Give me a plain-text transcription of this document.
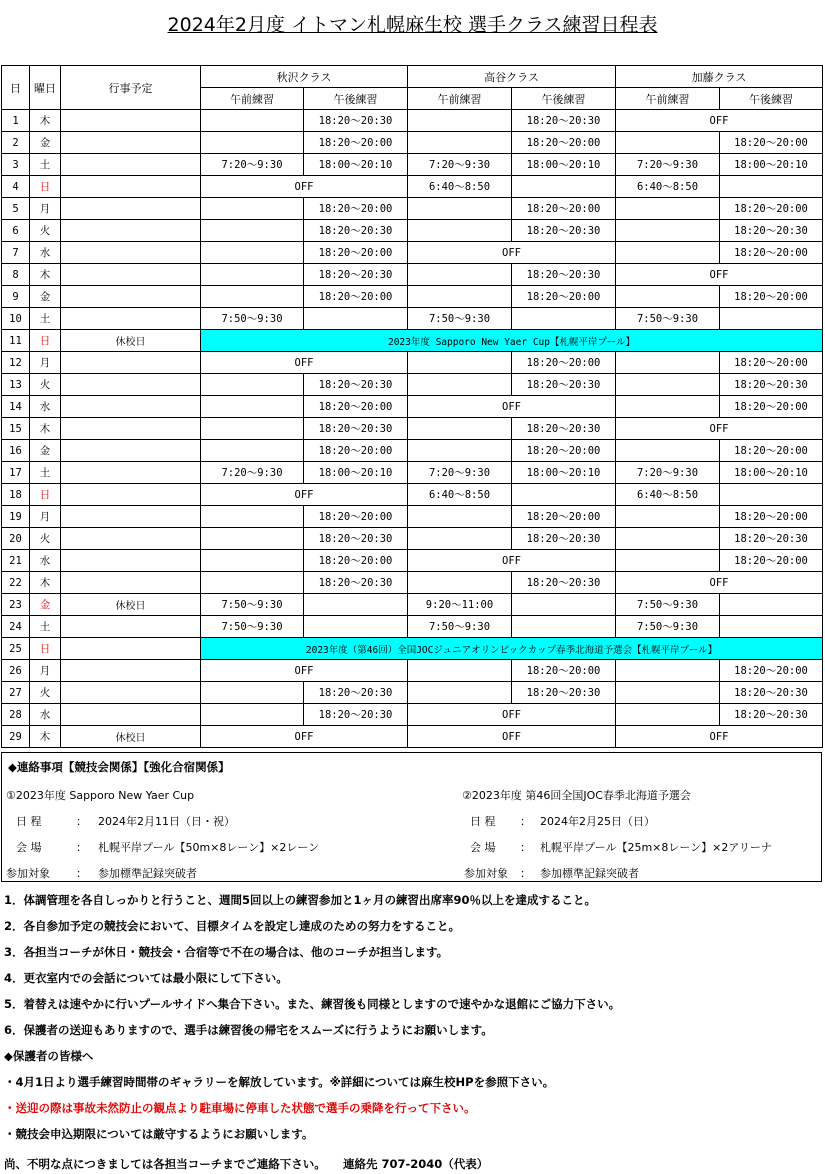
2024年2月度 イトマン札幌麻生校 選手クラス練習日程表
日	曜日	行事予定	秋沢クラス		高谷クラス		加藤クラス	
			午前練習	午後練習	午前練習	午後練習	午前練習	午後練習
1	木			18:20～20:30		18:20～20:30	OFF	
2	金			18:20～20:00		18:20～20:00		18:20～20:00
3	土		7:20～9:30	18:00～20:10	7:20～9:30	18:00～20:10	7:20～9:30	18:00～20:10
4	日		OFF		6:40～8:50		6:40～8:50	
5	月			18:20～20:00		18:20～20:00		18:20～20:00
6	火			18:20～20:30		18:20～20:30		18:20～20:30
7	水			18:20～20:00	OFF			18:20～20:00
8	木			18:20～20:30		18:20～20:30	OFF	
9	金			18:20～20:00		18:20～20:00		18:20～20:00
10	土		7:50～9:30		7:50～9:30		7:50～9:30	
11	日	休校日	2023年度 Sapporo New Yaer Cup【札幌平岸プール】					
12	月		OFF			18:20～20:00		18:20～20:00
13	火			18:20～20:30		18:20～20:30		18:20～20:30
14	水			18:20～20:00	OFF			18:20～20:00
15	木			18:20～20:30		18:20～20:30	OFF	
16	金			18:20～20:00		18:20～20:00		18:20～20:00
17	土		7:20～9:30	18:00～20:10	7:20～9:30	18:00～20:10	7:20～9:30	18:00～20:10
18	日		OFF		6:40～8:50		6:40～8:50	
19	月			18:20～20:00		18:20～20:00		18:20～20:00
20	火			18:20～20:30		18:20～20:30		18:20～20:30
21	水			18:20～20:00	OFF			18:20～20:00
22	木			18:20～20:30		18:20～20:30	OFF	
23	金	休校日	7:50～9:30		9:20～11:00		7:50～9:30	
24	土		7:50～9:30		7:50～9:30		7:50～9:30	
25	日		2023年度（第46回）全国JOCジュニアオリンピックカップ春季北海道予選会【札幌平岸プール】					
26	月		OFF			18:20～20:00		18:20～20:00
27	火			18:20～20:30		18:20～20:30		18:20～20:30
28	水			18:20～20:30	OFF			18:20～20:30
29	木	休校日	OFF		OFF		OFF	
◆連絡事項【競技会関係】【強化合宿関係】
①2023年度 Sapporo New Yaer Cup
日 程	： 2024年2月11日（日・祝）
会 場	： 札幌平岸プール【50m×8レーン】×2レーン
参加対象 ： 参加標準記録突破者
②2023年度 第46回全国JOC春季北海道予選会
日 程 ： 2024年2月25日（日）
会 場 ： 札幌平岸プール【25m×8レーン】×2アリーナ
参加対象 ： 参加標準記録突破者
1．体調管理を各自しっかりと行うこと、週間5回以上の練習参加と1ヶ月の練習出席率90％以上を達成すること。
2．各自参加予定の競技会において、目標タイムを設定し達成のための努力をすること。
3．各担当コーチが休日・競技会・合宿等で不在の場合は、他のコーチが担当します。
4．更衣室内での会話については最小限にして下さい。
5．着替えは速やかに行いプールサイドへ集合下さい。また、練習後も同様としますので速やかな退館にご協力下さい。
6．保護者の送迎もありますので、選手は練習後の帰宅をスムーズに行うようにお願いします。
◆保護者の皆様へ
・4月1日より選手練習時間帯のギャラリーを解放しています。※詳細については麻生校HPを参照下さい。
・送迎の際は事故未然防止の観点より駐車場に停車した状態で選手の乗降を行って下さい。
・競技会申込期限については厳守するようにお願いします。
尚、不明な点につきましては各担当コーチまでご連絡下さい。　　連絡先 707-2040（代表）
